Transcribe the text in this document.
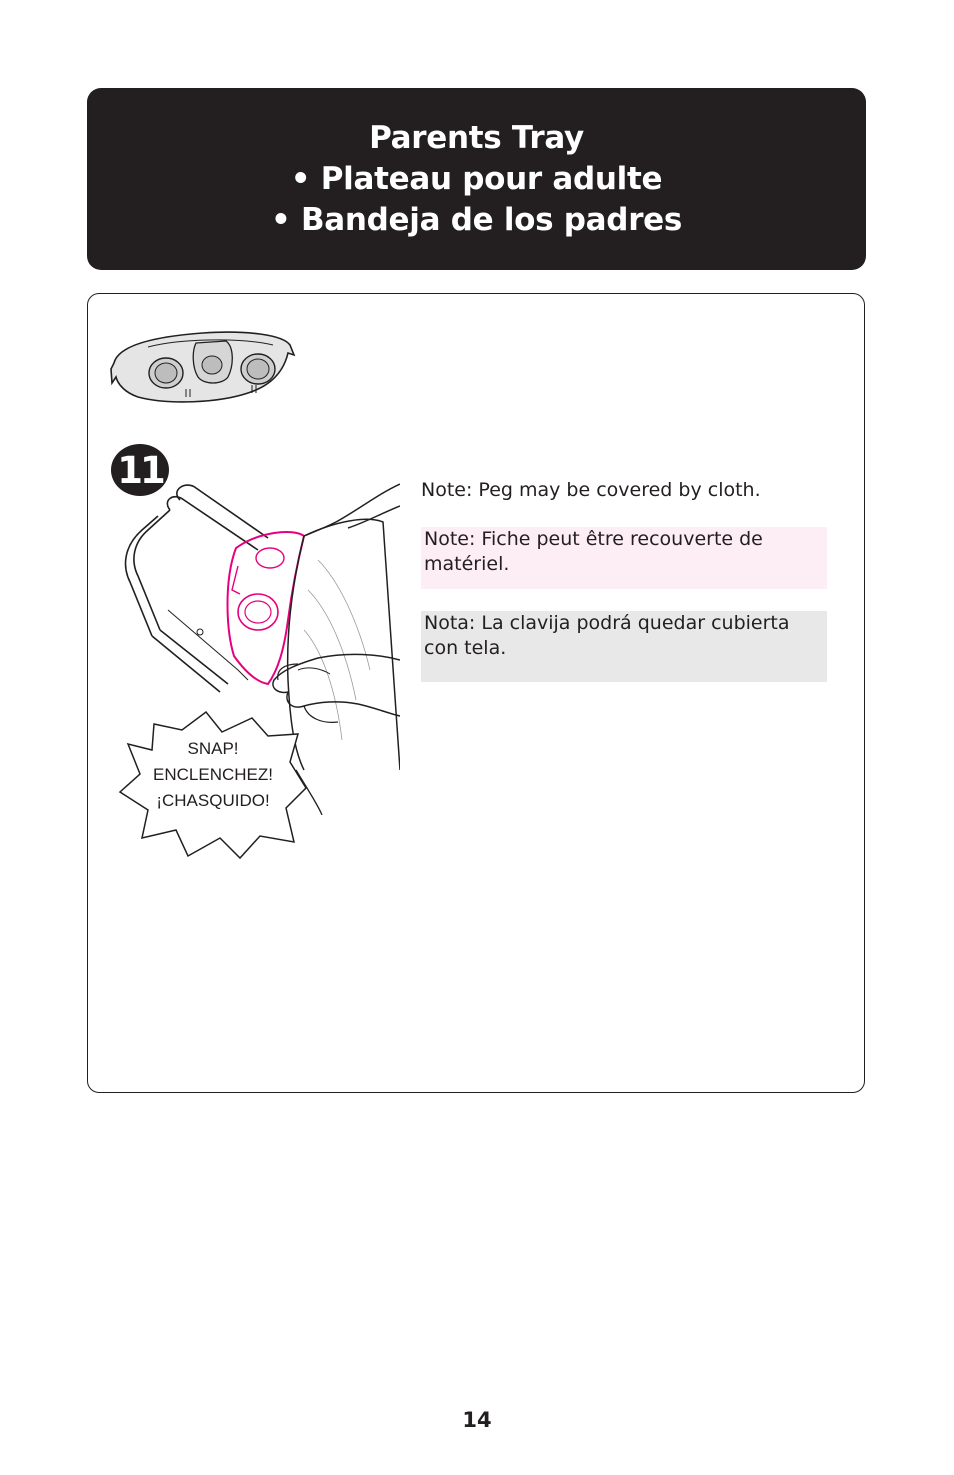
Parents Tray
• Plateau pour adulte
• Bandeja de los padres
11
SNAP!
ENCLENCHEZ!
¡CHASQUIDO!
Note: Peg may be covered by cloth.
Note: Fiche peut être recouverte de matériel.
Nota: La clavija podrá quedar cubierta con tela.
14
